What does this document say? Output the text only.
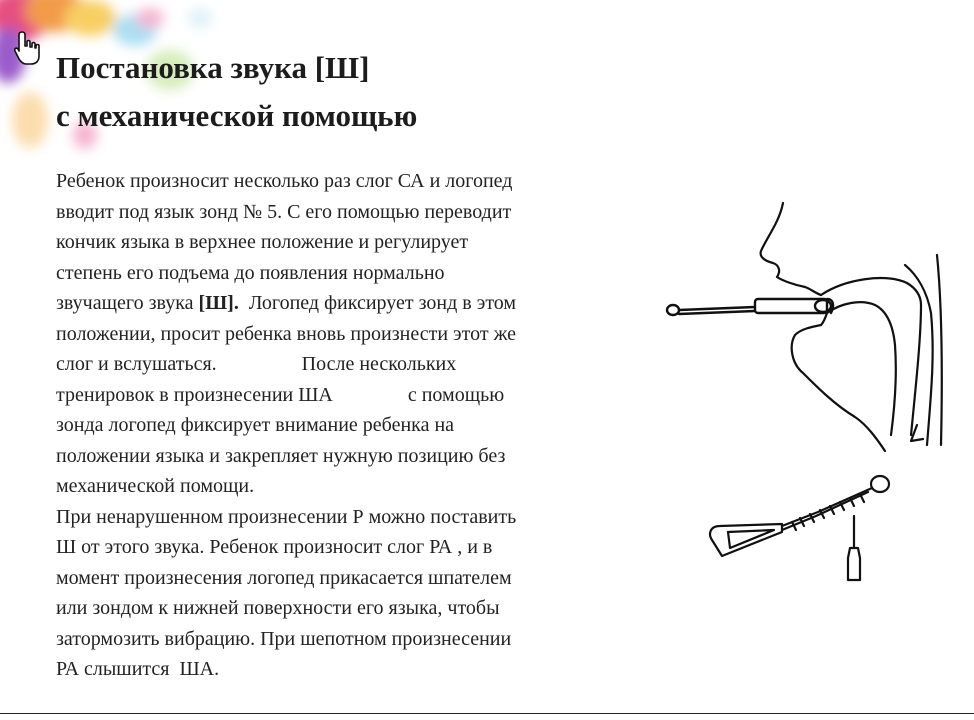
Постановка звука [Ш]
с механической помощью
Ребенок произносит несколько раз слог СА и логопед
вводит под язык зонд № 5. С его помощью переводит
кончик языка в верхнее положение и регулирует
степень его подъема до появления нормально
звучащего звука [Ш].  Логопед фиксирует зонд в этом
положении, просит ребенка вновь произнести этот же
слог и вслушаться.                 После нескольких
тренировок в произнесении ША               с помощью
зонда логопед фиксирует внимание ребенка на
положении языка и закрепляет нужную позицию без
механической помощи.
При ненарушенном произнесении Р можно поставить
Ш от этого звука. Ребенок произносит слог РА , и в
момент произнесения логопед прикасается шпателем
или зондом к нижней поверхности его языка, чтобы
затормозить вибрацию. При шепотном произнесении
РА слышится  ША.
